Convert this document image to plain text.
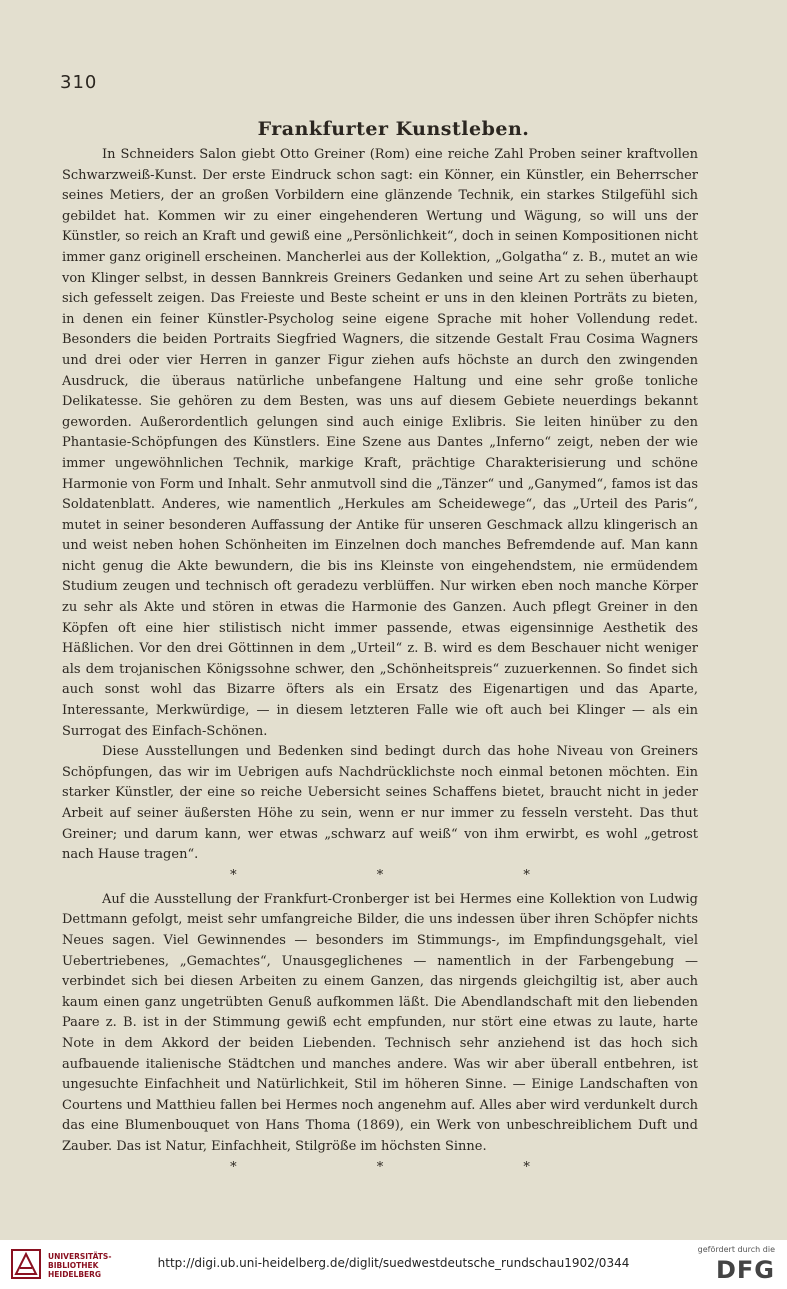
310
Frankfurter Kunstleben.

In Schneiders Salon giebt Otto Greiner (Rom) eine reiche Zahl Proben seiner kraftvollen Schwarzweiß-Kunst. Der erste Eindruck schon sagt: ein Könner, ein Künstler, ein Beherrscher seines Metiers, der an großen Vorbildern eine glänzende Technik, ein starkes Stilgefühl sich gebildet hat. Kommen wir zu einer eingehenderen Wertung und Wägung, so will uns der Künstler, so reich an Kraft und gewiß eine „Persönlichkeit“, doch in seinen Kompositionen nicht immer ganz originell erscheinen. Mancherlei aus der Kollektion, „Golgatha“ z. B., mutet an wie von Klinger selbst, in dessen Bannkreis Greiners Gedanken und seine Art zu sehen überhaupt sich gefesselt zeigen. Das Freieste und Beste scheint er uns in den kleinen Porträts zu bieten, in denen ein feiner Künstler-Psycholog seine eigene Sprache mit hoher Vollendung redet. Besonders die beiden Portraits Siegfried Wagners, die sitzende Gestalt Frau Cosima Wagners und drei oder vier Herren in ganzer Figur ziehen aufs höchste an durch den zwingenden Ausdruck, die überaus natürliche unbefangene Haltung und eine sehr große tonliche Delikatesse. Sie gehören zu dem Besten, was uns auf diesem Gebiete neuerdings bekannt geworden. Außerordentlich gelungen sind auch einige Exlibris. Sie leiten hinüber zu den Phantasie-Schöpfungen des Künstlers. Eine Szene aus Dantes „Inferno“ zeigt, neben der wie immer ungewöhnlichen Technik, markige Kraft, prächtige Charakterisierung und schöne Harmonie von Form und Inhalt. Sehr anmutvoll sind die „Tänzer“ und „Ganymed“, famos ist das Soldatenblatt. Anderes, wie namentlich „Herkules am Scheidewege“, das „Urteil des Paris“, mutet in seiner besonderen Auffassung der Antike für unseren Geschmack allzu klingerisch an und weist neben hohen Schönheiten im Einzelnen doch manches Befremdende auf. Man kann nicht genug die Akte bewundern, die bis ins Kleinste von eingehendstem, nie ermüdendem Studium zeugen und technisch oft geradezu verblüffen. Nur wirken eben noch manche Körper zu sehr als Akte und stören in etwas die Harmonie des Ganzen. Auch pflegt Greiner in den Köpfen oft eine hier stilistisch nicht immer passende, etwas eigensinnige Aesthetik des Häßlichen. Vor den drei Göttinnen in dem „Urteil“ z. B. wird es dem Beschauer nicht weniger als dem trojanischen Königssohne schwer, den „Schönheitspreis“ zuzuerkennen. So findet sich auch sonst wohl das Bizarre öfters als ein Ersatz des Eigenartigen und das Aparte, Interessante, Merkwürdige, — in diesem letzteren Falle wie oft auch bei Klinger — als ein Surrogat des Einfach-Schönen.

Diese Ausstellungen und Bedenken sind bedingt durch das hohe Niveau von Greiners Schöpfungen, das wir im Uebrigen aufs Nachdrücklichste noch einmal betonen möchten. Ein starker Künstler, der eine so reiche Uebersicht seines Schaffens bietet, braucht nicht in jeder Arbeit auf seiner äußersten Höhe zu sein, wenn er nur immer zu fesseln versteht. Das thut Greiner; und darum kann, wer etwas „schwarz auf weiß“ von ihm erwirbt, es wohl „getrost nach Hause tragen“.

* * *

Auf die Ausstellung der Frankfurt-Cronberger ist bei Hermes eine Kollektion von Ludwig Dettmann gefolgt, meist sehr umfangreiche Bilder, die uns indessen über ihren Schöpfer nichts Neues sagen. Viel Gewinnendes — besonders im Stimmungs-, im Empfindungsgehalt, viel Uebertriebenes, „Gemachtes“, Unausgeglichenes — namentlich in der Farbengebung — verbindet sich bei diesen Arbeiten zu einem Ganzen, das nirgends gleichgiltig ist, aber auch kaum einen ganz ungetrübten Genuß aufkommen läßt. Die Abendlandschaft mit den liebenden Paare z. B. ist in der Stimmung gewiß echt empfunden, nur stört eine etwas zu laute, harte Note in dem Akkord der beiden Liebenden. Technisch sehr anziehend ist das hoch sich aufbauende italienische Städtchen und manches andere. Was wir aber überall entbehren, ist ungesuchte Einfachheit und Natürlichkeit, Stil im höheren Sinne. — Einige Landschaften von Courtens und Matthieu fallen bei Hermes noch angenehm auf. Alles aber wird verdunkelt durch das eine Blumenbouquet von Hans Thoma (1869), ein Werk von unbeschreiblichem Duft und Zauber. Das ist Natur, Einfachheit, Stilgröße im höchsten Sinne.

* * *
UNIVERSITÄTS-
BIBLIOTHEK
HEIDELBERG
http://digi.ub.uni-heidelberg.de/diglit/suedwestdeutsche_rundschau1902/0344
gefördert durch die
DFG
